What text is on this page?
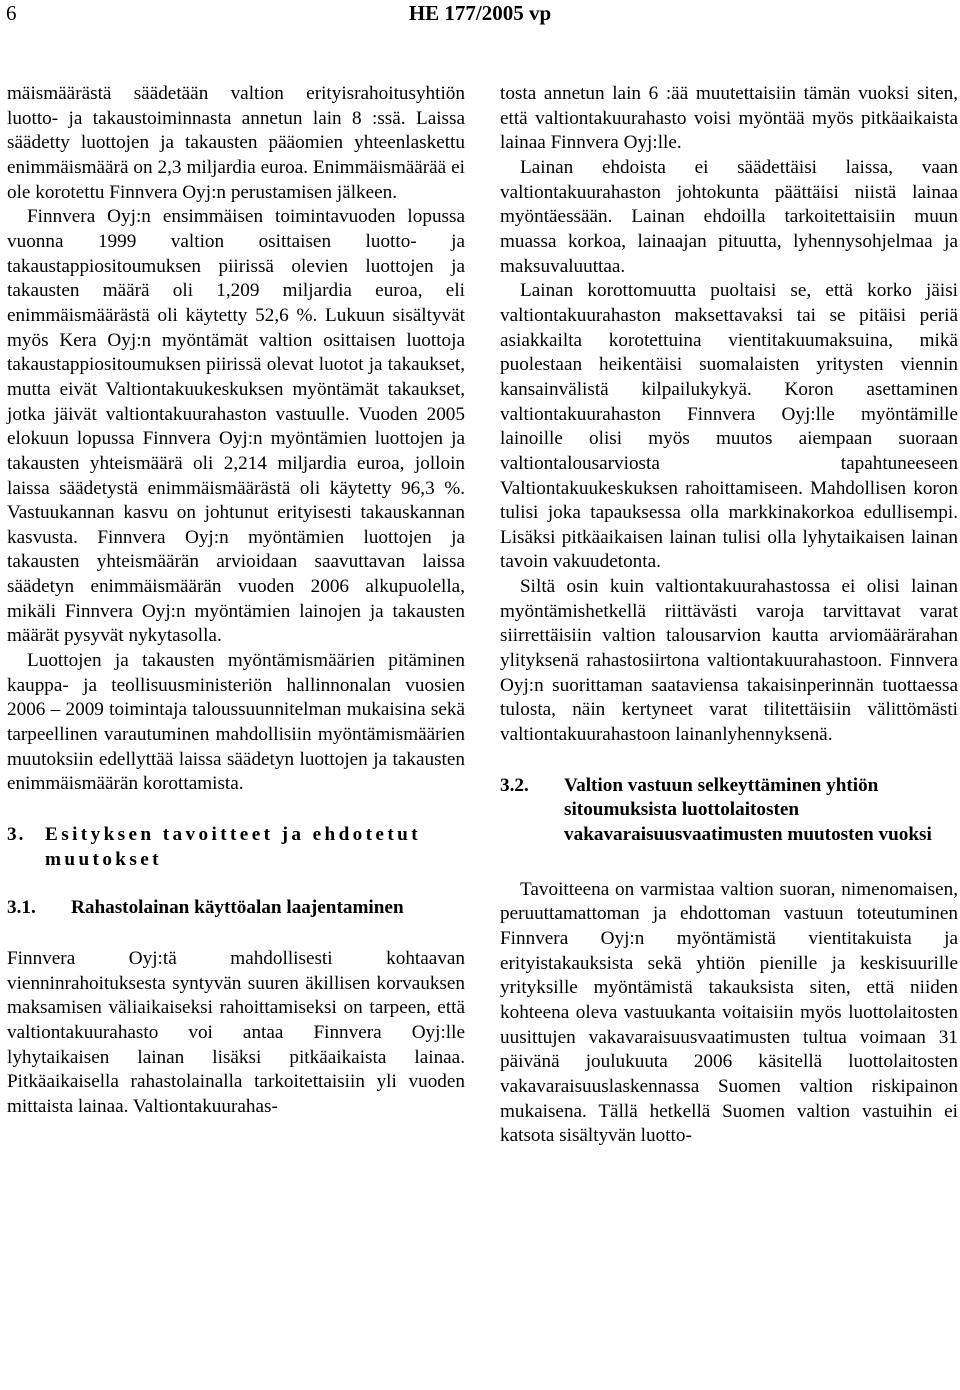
6	HE 177/2005 vp

mäismäärästä säädetään valtion erityisrahoitusyhtiön luotto- ja takaustoiminnasta annetun lain 8 :ssä. Laissa säädetty luottojen ja takausten pääomien yhteenlaskettu enimmäismäärä on 2,3 miljardia euroa. Enimmäismäärää ei ole korotettu Finnvera Oyj:n perustamisen jälkeen.

Finnvera Oyj:n ensimmäisen toimintavuoden lopussa vuonna 1999 valtion osittaisen luotto- ja takaustappiositoumuksen piirissä olevien luottojen ja takausten määrä oli 1,209 miljardia euroa, eli enimmäismäärästä oli käytetty 52,6 %. Lukuun sisältyvät myös Kera Oyj:n myöntämät valtion osittaisen luottoja takaustappiositoumuksen piirissä olevat luotot ja takaukset, mutta eivät Valtiontakuukeskuksen myöntämät takaukset, jotka jäivät valtiontakuurahaston vastuulle. Vuoden 2005 elokuun lopussa Finnvera Oyj:n myöntämien luottojen ja takausten yhteismäärä oli 2,214 miljardia euroa, jolloin laissa säädetystä enimmäismäärästä oli käytetty 96,3 %. Vastuukannan kasvu on johtunut erityisesti takauskannan kasvusta. Finnvera Oyj:n myöntämien luottojen ja takausten yhteismäärän arvioidaan saavuttavan laissa säädetyn enimmäismäärän vuoden 2006 alkupuolella, mikäli Finnvera Oyj:n myöntämien lainojen ja takausten määrät pysyvät nykytasolla.

Luottojen ja takausten myöntämismäärien pitäminen kauppa- ja teollisuusministeriön hallinnonalan vuosien 2006 – 2009 toimintaja taloussuunnitelman mukaisina sekä tarpeellinen varautuminen mahdollisiin myöntämismäärien muutoksiin edellyttää laissa säädetyn luottojen ja takausten enimmäismäärän korottamista.

3.	Esityksen tavoitteet ja ehdotetut muutokset
3.1.	Rahastolainan käyttöalan laajentaminen

Finnvera Oyj:tä mahdollisesti kohtaavan vienninrahoituksesta syntyvän suuren äkillisen korvauksen maksamisen väliaikaiseksi rahoittamiseksi on tarpeen, että valtiontakuurahasto voi antaa Finnvera Oyj:lle lyhytaikaisen lainan lisäksi pitkäaikaista lainaa. Pitkäaikaisella rahastolainalla tarkoitettaisiin yli vuoden mittaista lainaa. Valtiontakuurahas-

tosta annetun lain 6 :ää muutettaisiin tämän vuoksi siten, että valtiontakuurahasto voisi myöntää myös pitkäaikaista lainaa Finnvera Oyj:lle.

Lainan ehdoista ei säädettäisi laissa, vaan valtiontakuurahaston johtokunta päättäisi niistä lainaa myöntäessään. Lainan ehdoilla tarkoitettaisiin muun muassa korkoa, lainaajan pituutta, lyhennysohjelmaa ja maksuvaluuttaa.

Lainan korottomuutta puoltaisi se, että korko jäisi valtiontakuurahaston maksettavaksi tai se pitäisi periä asiakkailta korotettuina vientitakuumaksuina, mikä puolestaan heikentäisi suomalaisten yritysten viennin kansainvälistä kilpailukykyä. Koron asettaminen valtiontakuurahaston Finnvera Oyj:lle myöntämille lainoille olisi myös muutos aiempaan suoraan valtiontalousarviosta tapahtuneeseen Valtiontakuukeskuksen rahoittamiseen. Mahdollisen koron tulisi joka tapauksessa olla markkinakorkoa edullisempi. Lisäksi pitkäaikaisen lainan tulisi olla lyhytaikaisen lainan tavoin vakuudetonta.

Siltä osin kuin valtiontakuurahastossa ei olisi lainan myöntämishetkellä riittävästi varoja tarvittavat varat siirrettäisiin valtion talousarvion kautta arviomäärärahan ylityksenä rahastosiirtona valtiontakuurahastoon. Finnvera Oyj:n suorittaman saataviensa takaisinperinnän tuottaessa tulosta, näin kertyneet varat tilitettäisiin välittömästi valtiontakuurahastoon lainanlyhennyksenä.

3.2.	Valtion vastuun selkeyttäminen yhtiön sitoumuksista luottolaitosten vakavaraisuusvaatimusten muutosten vuoksi

Tavoitteena on varmistaa valtion suoran, nimenomaisen, peruuttamattoman ja ehdottoman vastuun toteutuminen Finnvera Oyj:n myöntämistä vientitakuista ja erityistakauksista sekä yhtiön pienille ja keskisuurille yrityksille myöntämistä takauksista siten, että niiden kohteena oleva vastuukanta voitaisiin myös luottolaitosten uusittujen vakavaraisuusvaatimusten tultua voimaan 31 päivänä joulukuuta 2006 käsitellä luottolaitosten vakavaraisuuslaskennassa Suomen valtion riskipainon mukaisena. Tällä hetkellä Suomen valtion vastuihin ei katsota sisältyvän luotto-
